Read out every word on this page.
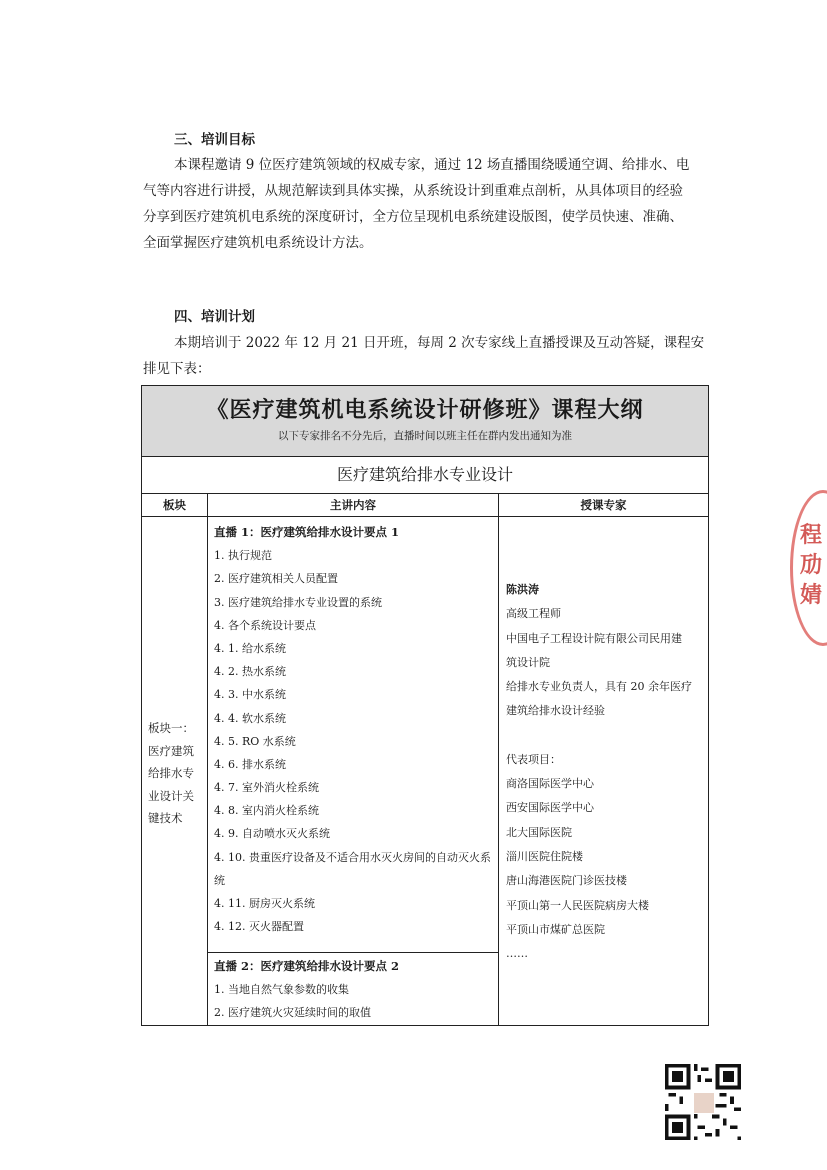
三、培训目标
本课程邀请 9 位医疗建筑领域的权威专家，通过 12 场直播围绕暖通空调、给排水、电
气等内容进行讲授，从规范解读到具体实操，从系统设计到重难点剖析，从具体项目的经验
分享到医疗建筑机电系统的深度研讨，全方位呈现机电系统建设版图，使学员快速、准确、
全面掌握医疗建筑机电系统设计方法。
四、培训计划
本期培训于 2022 年 12 月 21 日开班，每周 2 次专家线上直播授课及互动答疑，课程安
排见下表：
《医疗建筑机电系统设计研修班》课程大纲
以下专家排名不分先后，直播时间以班主任在群内发出通知为准
医疗建筑给排水专业设计
板块	主讲内容	授课专家
板块一：
医疗建筑
给排水专
业设计关
键技术
直播 1：医疗建筑给排水设计要点 1
1. 执行规范
2. 医疗建筑相关人员配置
3. 医疗建筑给排水专业设置的系统
4. 各个系统设计要点
4. 1. 给水系统
4. 2. 热水系统
4. 3. 中水系统
4. 4. 软水系统
4. 5. RO 水系统
4. 6. 排水系统
4. 7. 室外消火栓系统
4. 8. 室内消火栓系统
4. 9. 自动喷水灭火系统
4. 10. 贵重医疗设备及不适合用水灭火房间的自动灭火系统
4. 11. 厨房灭火系统
4. 12. 灭火器配置
直播 2：医疗建筑给排水设计要点 2
1. 当地自然气象参数的收集
2. 医疗建筑火灾延续时间的取值
陈洪涛
高级工程师
中国电子工程设计院有限公司民用建
筑设计院
给排水专业负责人，具有 20 余年医疗
建筑给排水设计经验
代表项目：
商洛国际医学中心
西安国际医学中心
北大国际医院
淄川医院住院楼
唐山海港医院门诊医技楼
平顶山第一人民医院病房大楼
平顶山市煤矿总医院
……
程
劢
婧
